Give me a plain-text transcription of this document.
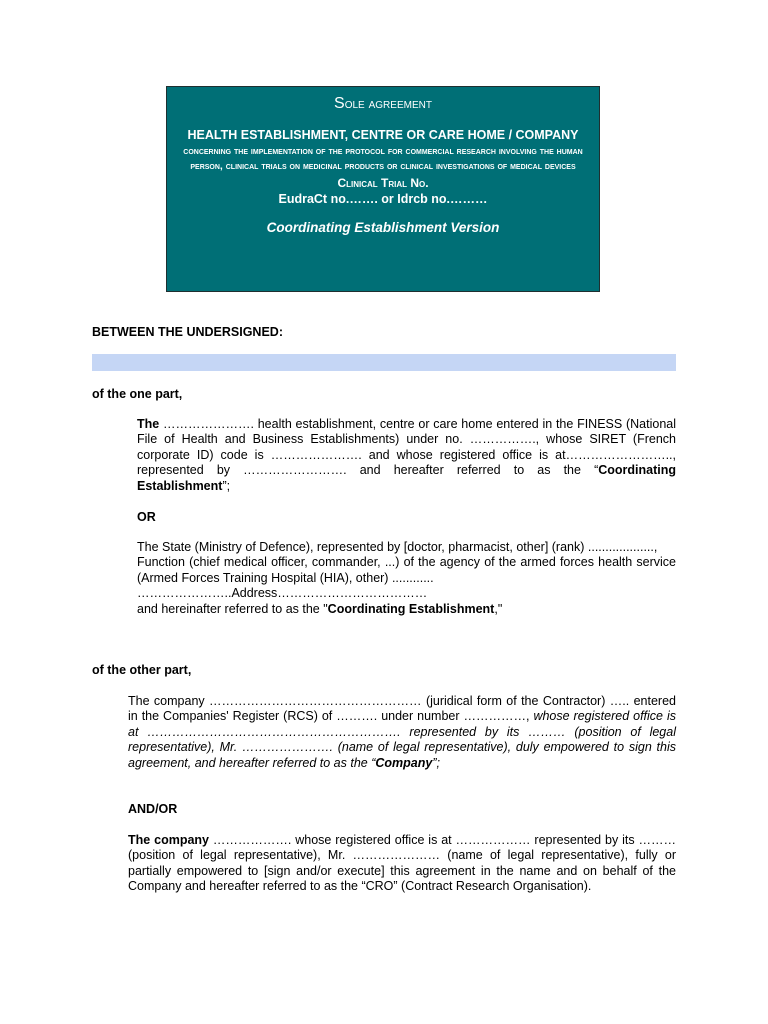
Sole agreement
HEALTH ESTABLISHMENT, CENTRE OR CARE HOME / COMPANY
concerning the implementation of the protocol for commercial research involving the human person, clinical trials on medicinal products or clinical investigations of medical devices
Clinical Trial No.
EudraCt no.……. or Idrcb no.………
Coordinating Establishment Version
BETWEEN THE UNDERSIGNED:
of the one part,

The …………………. health establishment, centre or care home entered in the FINESS (National File of Health and Business Establishments) under no. ……………., whose SIRET (French corporate ID) code is …………………. and whose registered office is at…………………….., represented by ……………………. and hereafter referred to as the “Coordinating Establishment”;

OR

The State (Ministry of Defence), represented by [doctor, pharmacist, other] (rank) ...................,

Function (chief medical officer, commander, ...) of the agency of the armed forces health service (Armed Forces Training Hospital (HIA), other) ............

…………………..Address………………………………

and hereinafter referred to as the "Coordinating Establishment,"

of the other part,

The company …………………………………………… (juridical form of the Contractor) ….. entered in the Companies' Register (RCS) of ………. under number ……………, whose registered office is at ……………………………………………………. represented by its ……… (position of legal representative), Mr. …………………. (name of legal representative), duly empowered to sign this agreement, and hereafter referred to as the “Company”;

AND/OR

The company ………………. whose registered office is at ……………… represented by its ……… (position of legal representative), Mr. ………………… (name of legal representative), fully or partially empowered to [sign and/or execute] this agreement in the name and on behalf of the Company and hereafter referred to as the “CRO” (Contract Research Organisation).
